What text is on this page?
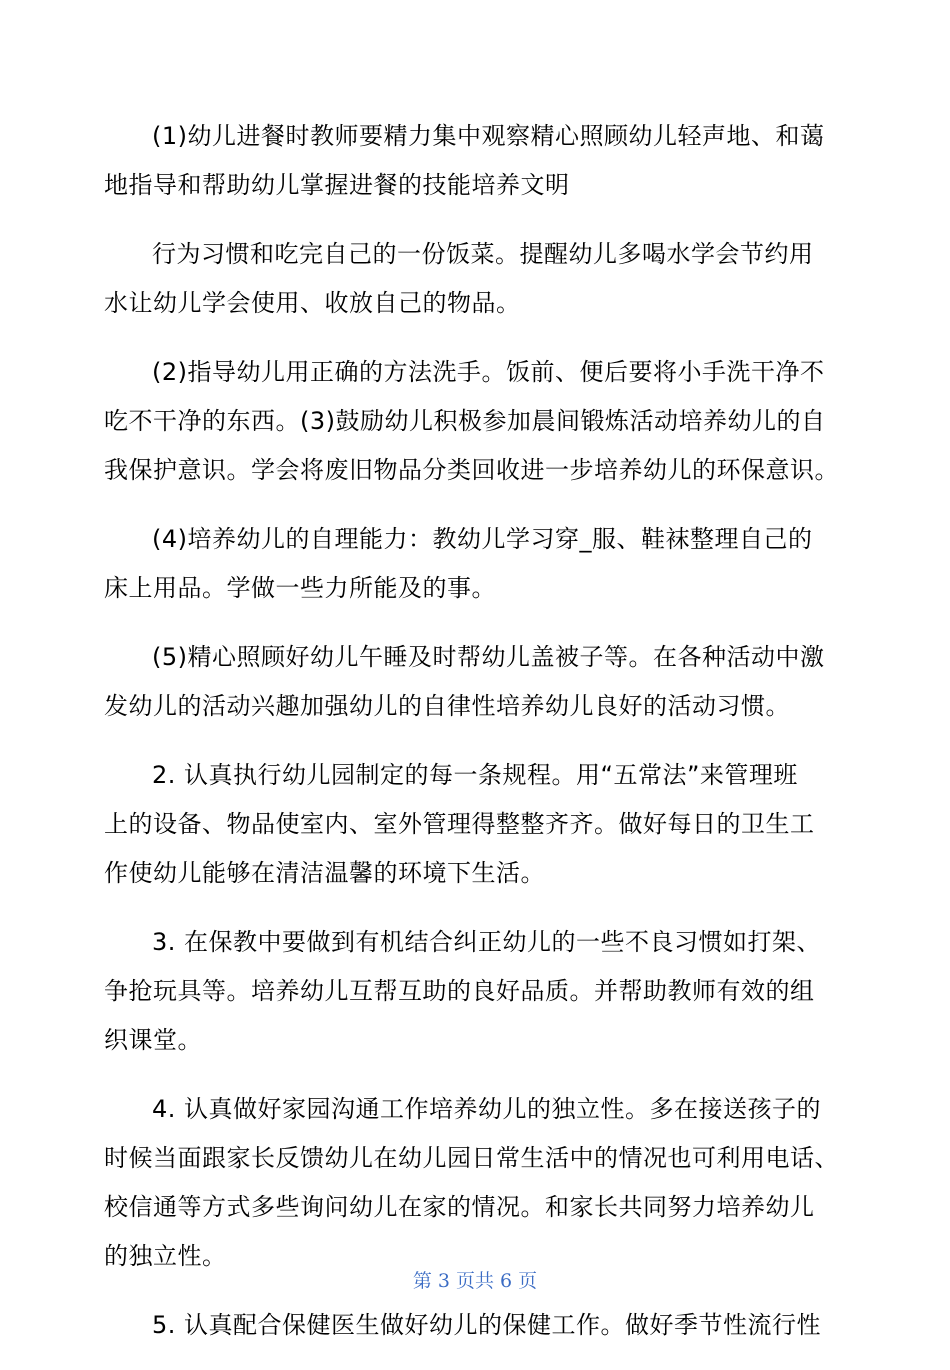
(1)幼儿进餐时教师要精力集中观察精心照顾幼儿轻声地、和蔼
地指导和帮助幼儿掌握进餐的技能培养文明

行为习惯和吃完自己的一份饭菜。提醒幼儿多喝水学会节约用
水让幼儿学会使用、收放自己的物品。

(2)指导幼儿用正确的方法洗手。饭前、便后要将小手洗干净不
吃不干净的东西。(3)鼓励幼儿积极参加晨间锻炼活动培养幼儿的自
我保护意识。学会将废旧物品分类回收进一步培养幼儿的环保意识。

(4)培养幼儿的自理能力：教幼儿学习穿_服、鞋袜整理自己的
床上用品。学做一些力所能及的事。

(5)精心照顾好幼儿午睡及时帮幼儿盖被子等。在各种活动中激
发幼儿的活动兴趣加强幼儿的自律性培养幼儿良好的活动习惯。

2. 认真执行幼儿园制定的每一条规程。用“五常法”来管理班
上的设备、物品使室内、室外管理得整整齐齐。做好每日的卫生工
作使幼儿能够在清洁温馨的环境下生活。

3. 在保教中要做到有机结合纠正幼儿的一些不良习惯如打架、
争抢玩具等。培养幼儿互帮互助的良好品质。并帮助教师有效的组
织课堂。

4. 认真做好家园沟通工作培养幼儿的独立性。多在接送孩子的
时候当面跟家长反馈幼儿在幼儿园日常生活中的情况也可利用电话、
校信通等方式多些询问幼儿在家的情况。和家长共同努力培养幼儿
的独立性。

5. 认真配合保健医生做好幼儿的保健工作。做好季节性流行性

第 3 页共 6 页
